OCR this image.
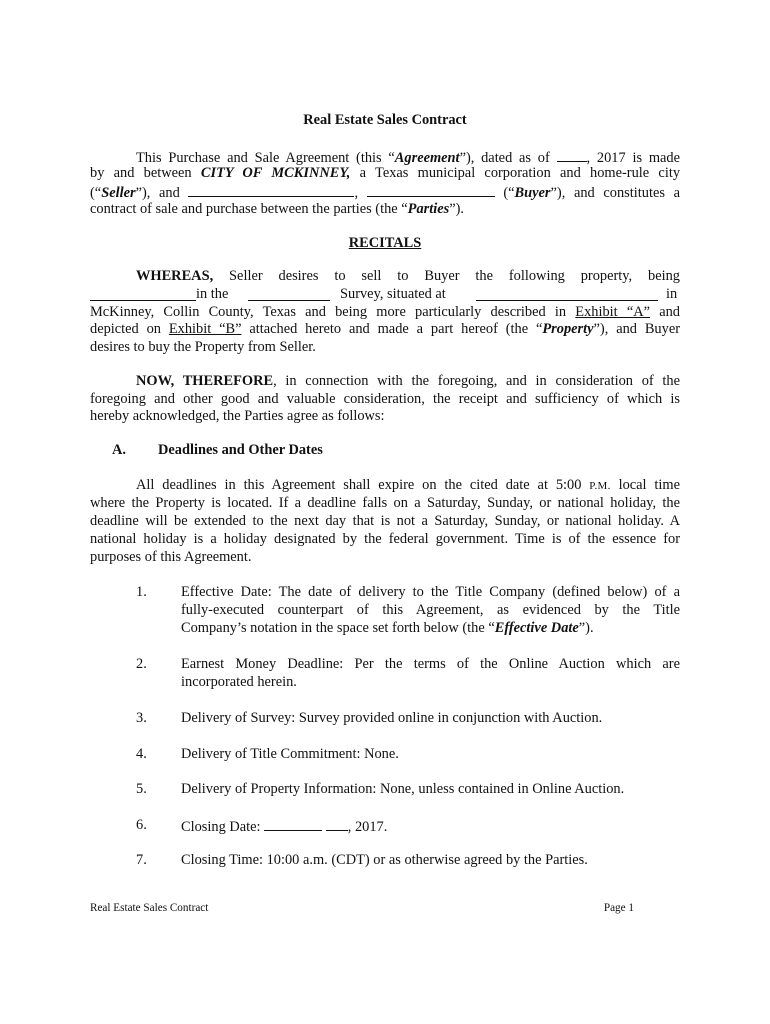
Real Estate Sales Contract
This Purchase and Sale Agreement (this “Agreement”), dated as of , 2017 is made
by and between CITY OF MCKINNEY, a Texas municipal corporation and home-rule city
(“Seller”), and	,	(“Buyer”), and constitutes a
contract of sale and purchase between the parties (the “Parties”).
RECITALS
WHEREAS, Seller desires to sell to Buyer the following property, being
in the	Survey, situated at	in
McKinney, Collin County, Texas and being more particularly described in Exhibit “A” and
depicted on Exhibit “B” attached hereto and made a part hereof (the “Property”), and Buyer
desires to buy the Property from Seller.
NOW, THEREFORE, in connection with the foregoing, and in consideration of the
foregoing and other good and valuable consideration, the receipt and sufficiency of which is
hereby acknowledged, the Parties agree as follows:
A. Deadlines and Other Dates
All deadlines in this Agreement shall expire on the cited date at 5:00 P.M. local time
where the Property is located. If a deadline falls on a Saturday, Sunday, or national holiday, the
deadline will be extended to the next day that is not a Saturday, Sunday, or national holiday. A
national holiday is a holiday designated by the federal government. Time is of the essence for
purposes of this Agreement.
1. Effective Date: The date of delivery to the Title Company (defined below) of a
fully-executed counterpart of this Agreement, as evidenced by the Title
Company’s notation in the space set forth below (the “Effective Date”).
2. Earnest Money Deadline: Per the terms of the Online Auction which are
incorporated herein.
3. Delivery of Survey: Survey provided online in conjunction with Auction.
4. Delivery of Title Commitment: None.
5. Delivery of Property Information: None, unless contained in Online Auction.
6. Closing Date:	, 2017.
7. Closing Time: 10:00 a.m. (CDT) or as otherwise agreed by the Parties.
Real Estate Sales Contract	Page 1
